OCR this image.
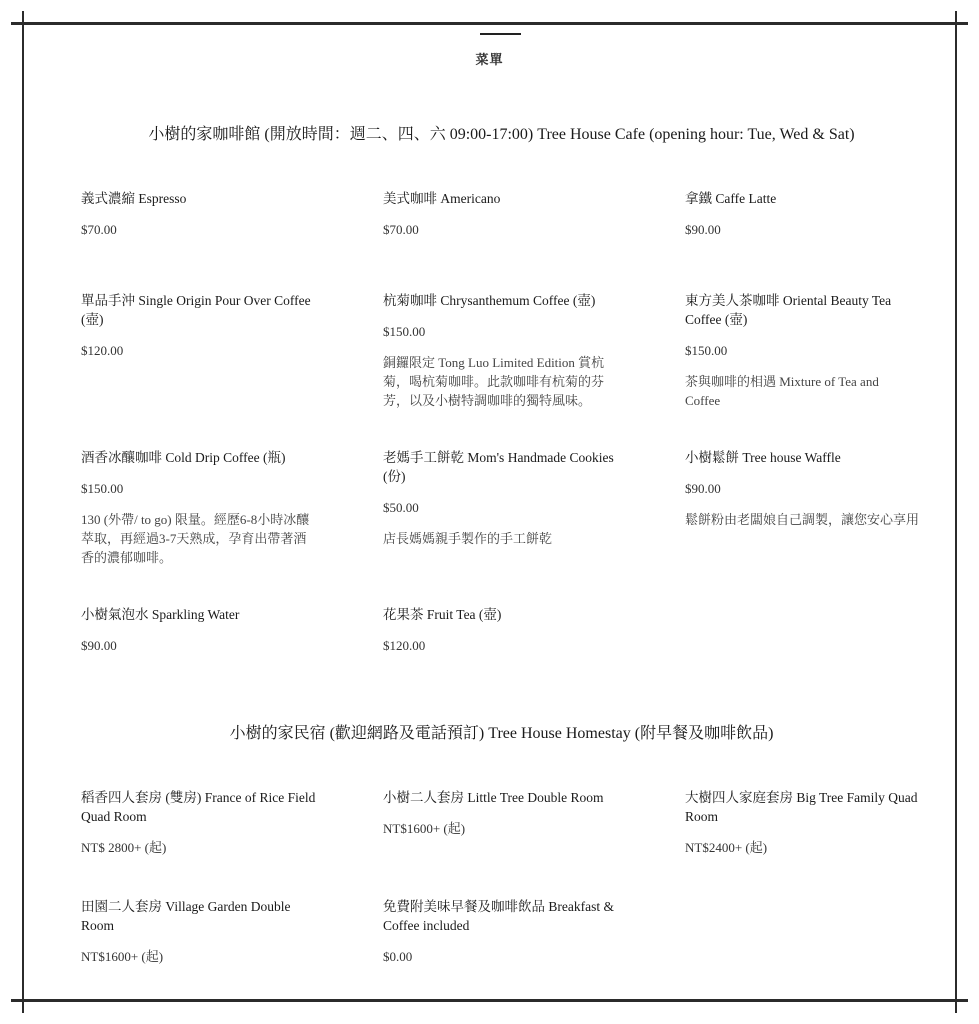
菜單
小樹的家咖啡館 (開放時間：週二、四、六 09:00-17:00) Tree House Cafe (opening hour: Tue, Wed & Sat)

義式濃縮 Espresso

$70.00

美式咖啡 Americano

$70.00

拿鐵 Caffe Latte

$90.00

單品手沖 Single Origin Pour Over Coffee (壺)

$120.00

杭菊咖啡 Chrysanthemum Coffee (壺)

$150.00
銅鑼限定 Tong Luo Limited Edition 賞杭菊，喝杭菊咖啡。此款咖啡有杭菊的芬芳，以及小樹特調咖啡的獨特風味。

東方美人茶咖啡 Oriental Beauty Tea Coffee (壺)

$150.00
茶與咖啡的相遇 Mixture of Tea and Coffee

酒香冰釀咖啡 Cold Drip Coffee (瓶)

$150.00
130 (外帶/ to go) 限量。經歷6-8小時冰釀萃取，再經過3-7天熟成，孕育出帶著酒香的濃郁咖啡。

老媽手工餅乾 Mom's Handmade Cookies (份)

$50.00
店長媽媽親手製作的手工餅乾

小樹鬆餅 Tree house Waffle

$90.00
鬆餅粉由老闆娘自己調製，讓您安心享用

小樹氣泡水 Sparkling Water

$90.00

花果茶 Fruit Tea (壺)

$120.00
小樹的家民宿 (歡迎網路及電話預訂) Tree House Homestay (附早餐及咖啡飲品)

稻香四人套房 (雙房) France of Rice Field Quad Room

NT$ 2800+ (起)

小樹二人套房 Little Tree Double Room

NT$1600+ (起)

大樹四人家庭套房 Big Tree Family Quad Room

NT$2400+ (起)

田園二人套房 Village Garden Double Room

NT$1600+ (起)

免費附美味早餐及咖啡飲品 Breakfast & Coffee included

$0.00
